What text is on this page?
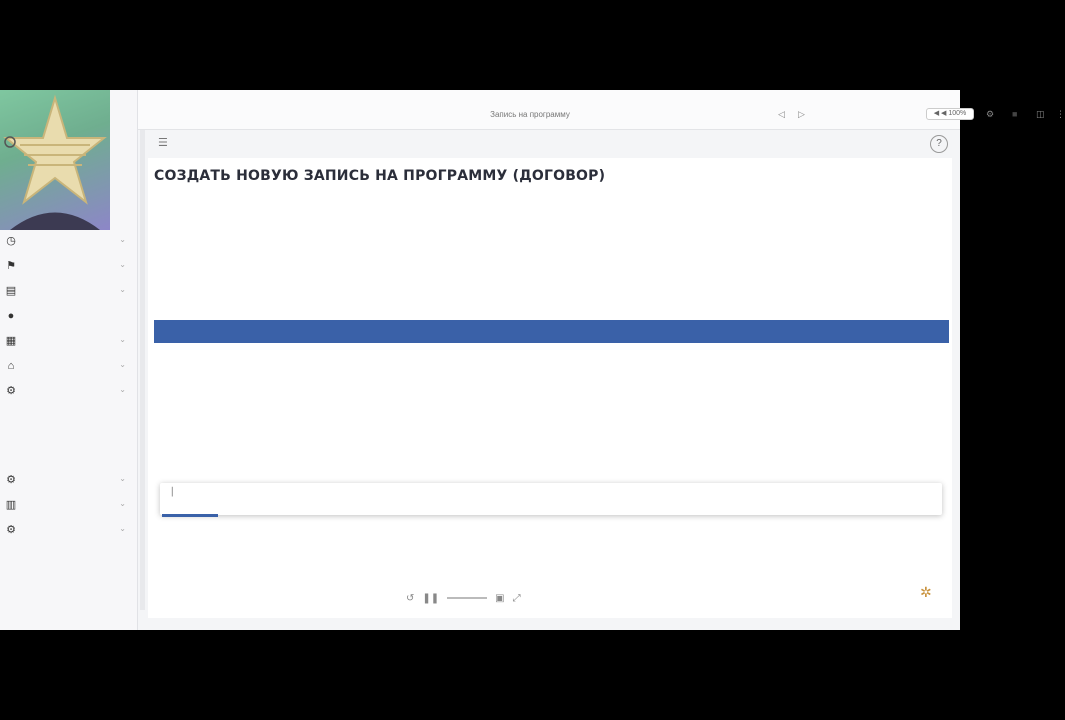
Запись на программу	◁ ▷	◀ ◀ 100%	⚙ ■ ◫ ⋮
◷	⌄
⚑	⌄
▤	⌄
●
▦	⌄
⌂	⌄
⚙	⌄
⚙	⌄
▥	⌄
⚙	⌄
☰	?
СОЗДАТЬ НОВУЮ ЗАПИСЬ НА ПРОГРАММУ (ДОГОВОР)
│
↺ ❚❚	▣ ⤢	✲
